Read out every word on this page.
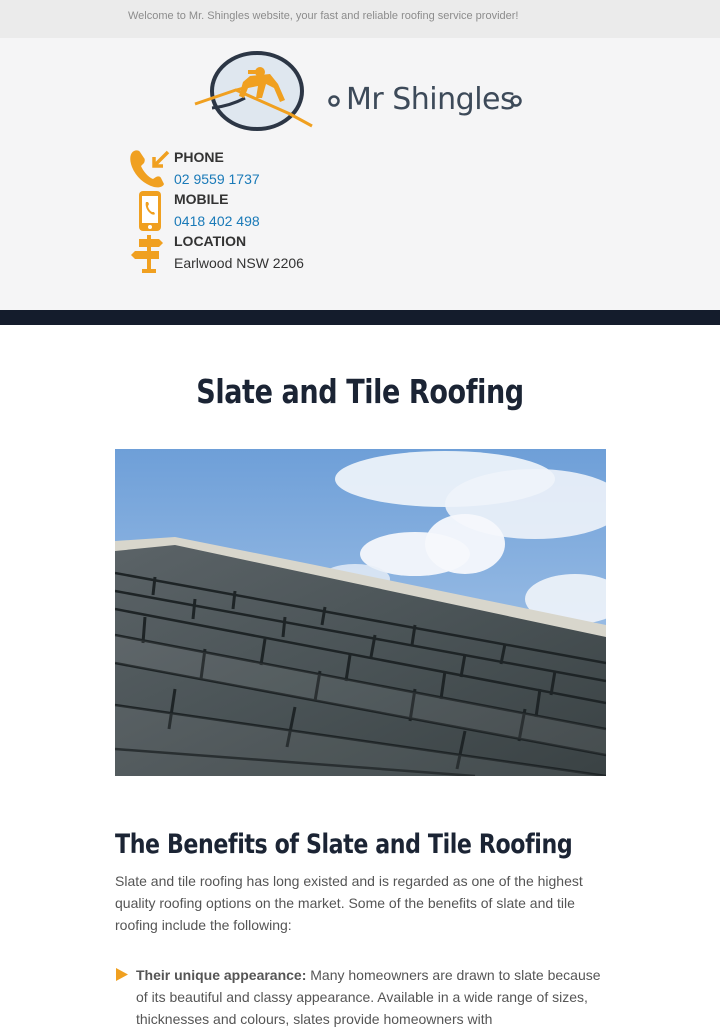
Welcome to Mr. Shingles website, your fast and reliable roofing service provider!
Mr Shingles
PHONE
02 9559 1737
MOBILE
0418 402 498
LOCATION
Earlwood NSW 2206
Slate and Tile Roofing
The Benefits of Slate and Tile Roofing

Slate and tile roofing has long existed and is regarded as one of the highest quality roofing options on the market. Some of the benefits of slate and tile roofing include the following:

Their unique appearance: Many homeowners are drawn to slate because of its beautiful and classy appearance. Available in a wide range of sizes, thicknesses and colours, slates provide homeowners with
